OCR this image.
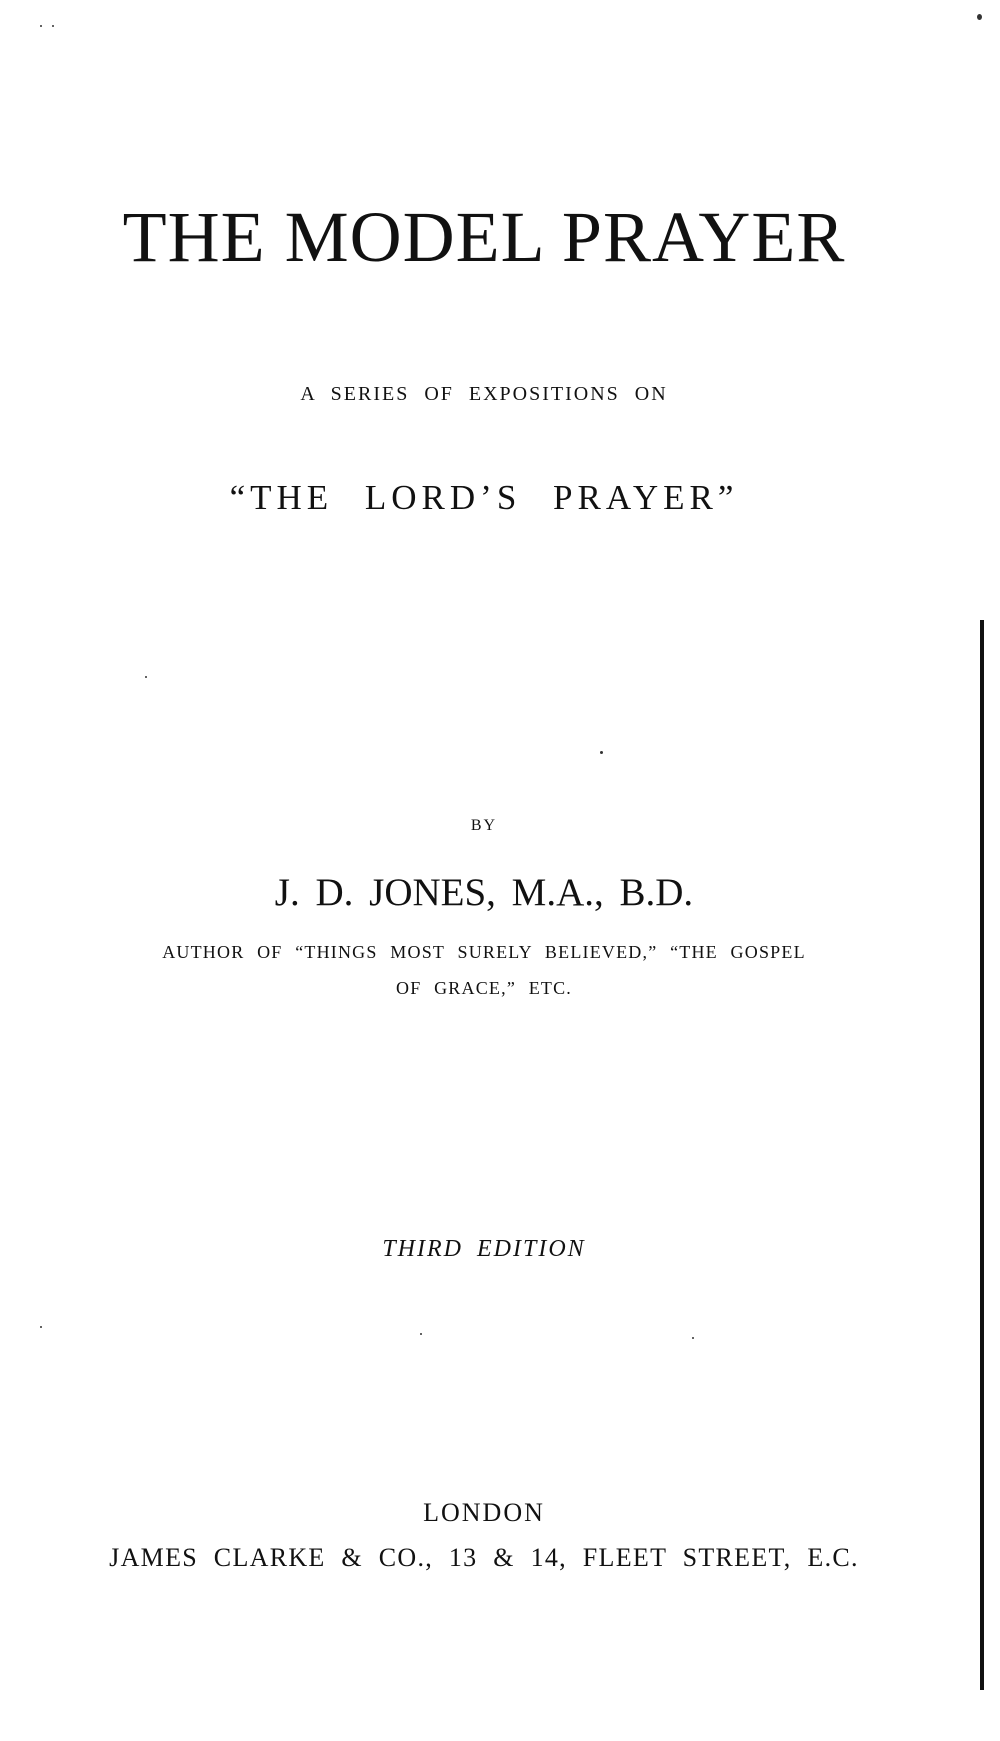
THE MODEL PRAYER
A SERIES OF EXPOSITIONS ON
“THE LORD’S PRAYER”
BY
J. D. JONES, M.A., B.D.
AUTHOR OF “THINGS MOST SURELY BELIEVED,” “THE GOSPEL
OF GRACE,” ETC.
THIRD EDITION
LONDON
JAMES CLARKE & CO., 13 & 14, FLEET STREET, E.C.
